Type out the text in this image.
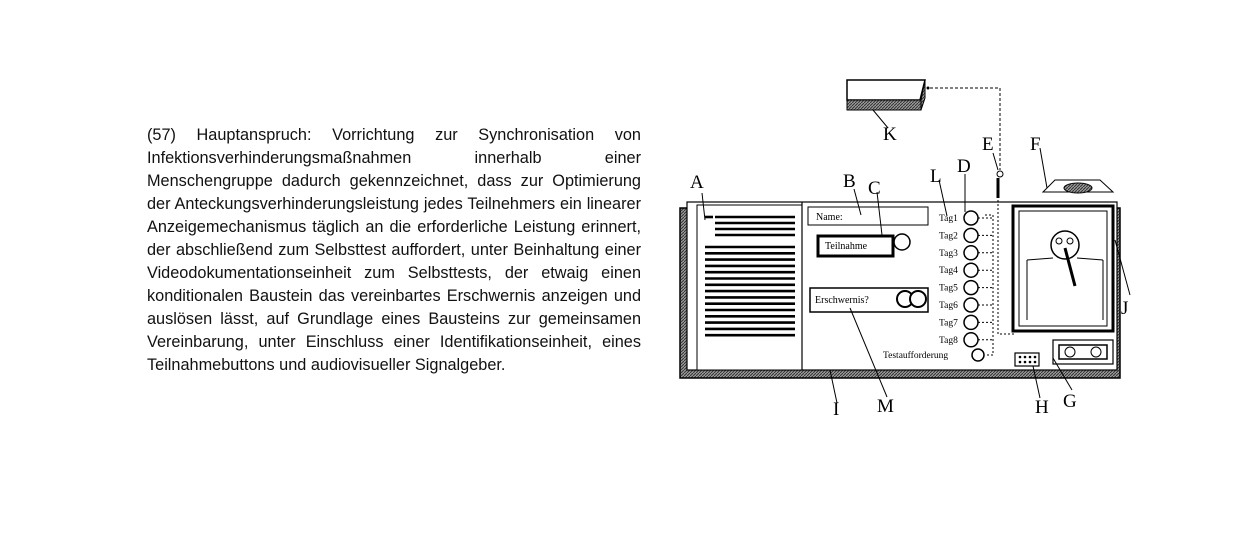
(57) Hauptanspruch: Vorrichtung zur Synchronisation von Infektionsverhinderungsmaßnahmen innerhalb einer Menschengruppe dadurch gekennzeichnet, dass zur Optimierung der Anteckungsverhinderungsleistung jedes Teilnehmers ein linearer Anzeigemechanismus täglich an die erforderliche Leistung erinnert, der abschließend zum Selbsttest auffordert, unter Beinhaltung einer Videodokumentationseinheit zum Selbsttests, der etwaig einen konditionalen Baustein das vereinbartes Erschwernis anzeigen und auslösen lässt, auf Grundlage eines Bausteins zur gemeinsamen Vereinbarung, unter Einschluss einer Identifikationseinheit, eines Teilnahmebuttons und audiovisueller Signalgeber.
Name:
Teilnahme
Erschwernis?
Tag1
Tag2
Tag3
Tag4
Tag5
Tag6
Tag7
Tag8
Testaufforderung
A	B C
D
E F
G
H
I
J
K
L
M
